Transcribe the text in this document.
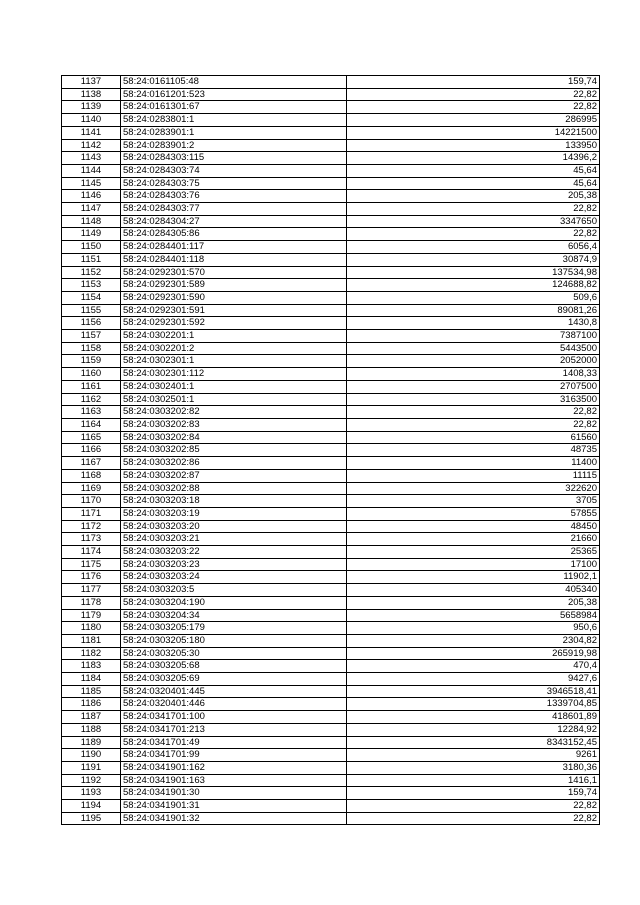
1137	58:24:0161105:48	159,74
1138	58:24:0161201:523	22,82
1139	58:24:0161301:67	22,82
1140	58:24:0283801:1	286995
1141	58:24:0283901:1	14221500
1142	58:24:0283901:2	133950
1143	58:24:0284303:115	14396,2
1144	58:24:0284303:74	45,64
1145	58:24:0284303:75	45,64
1146	58:24:0284303:76	205,38
1147	58:24:0284303:77	22,82
1148	58:24:0284304:27	3347650
1149	58:24:0284305:86	22,82
1150	58:24:0284401:117	6056,4
1151	58:24:0284401:118	30874,9
1152	58:24:0292301:570	137534,98
1153	58:24:0292301:589	124688,82
1154	58:24:0292301:590	509,6
1155	58:24:0292301:591	89081,26
1156	58:24:0292301:592	1430,8
1157	58:24:0302201:1	7387100
1158	58:24:0302201:2	5443500
1159	58:24:0302301:1	2052000
1160	58:24:0302301:112	1408,33
1161	58:24:0302401:1	2707500
1162	58:24:0302501:1	3163500
1163	58:24:0303202:82	22,82
1164	58:24:0303202:83	22,82
1165	58:24:0303202:84	61560
1166	58:24:0303202:85	48735
1167	58:24:0303202:86	11400
1168	58:24:0303202:87	11115
1169	58:24:0303202:88	322620
1170	58:24:0303203:18	3705
1171	58:24:0303203:19	57855
1172	58:24:0303203:20	48450
1173	58:24:0303203:21	21660
1174	58:24:0303203:22	25365
1175	58:24:0303203:23	17100
1176	58:24:0303203:24	11902,1
1177	58:24:0303203:5	405340
1178	58:24:0303204:190	205,38
1179	58:24:0303204:34	5658984
1180	58:24:0303205:179	950,6
1181	58:24:0303205:180	2304,82
1182	58:24:0303205:30	265919,98
1183	58:24:0303205:68	470,4
1184	58:24:0303205:69	9427,6
1185	58:24:0320401:445	3946518,41
1186	58:24:0320401:446	1339704,85
1187	58:24:0341701:100	418601,89
1188	58:24:0341701:213	12284,92
1189	58:24:0341701:49	8343152,45
1190	58:24:0341701:99	9261
1191	58:24:0341901:162	3180,36
1192	58:24:0341901:163	1416,1
1193	58:24:0341901:30	159,74
1194	58:24:0341901:31	22,82
1195	58:24:0341901:32	22,82
